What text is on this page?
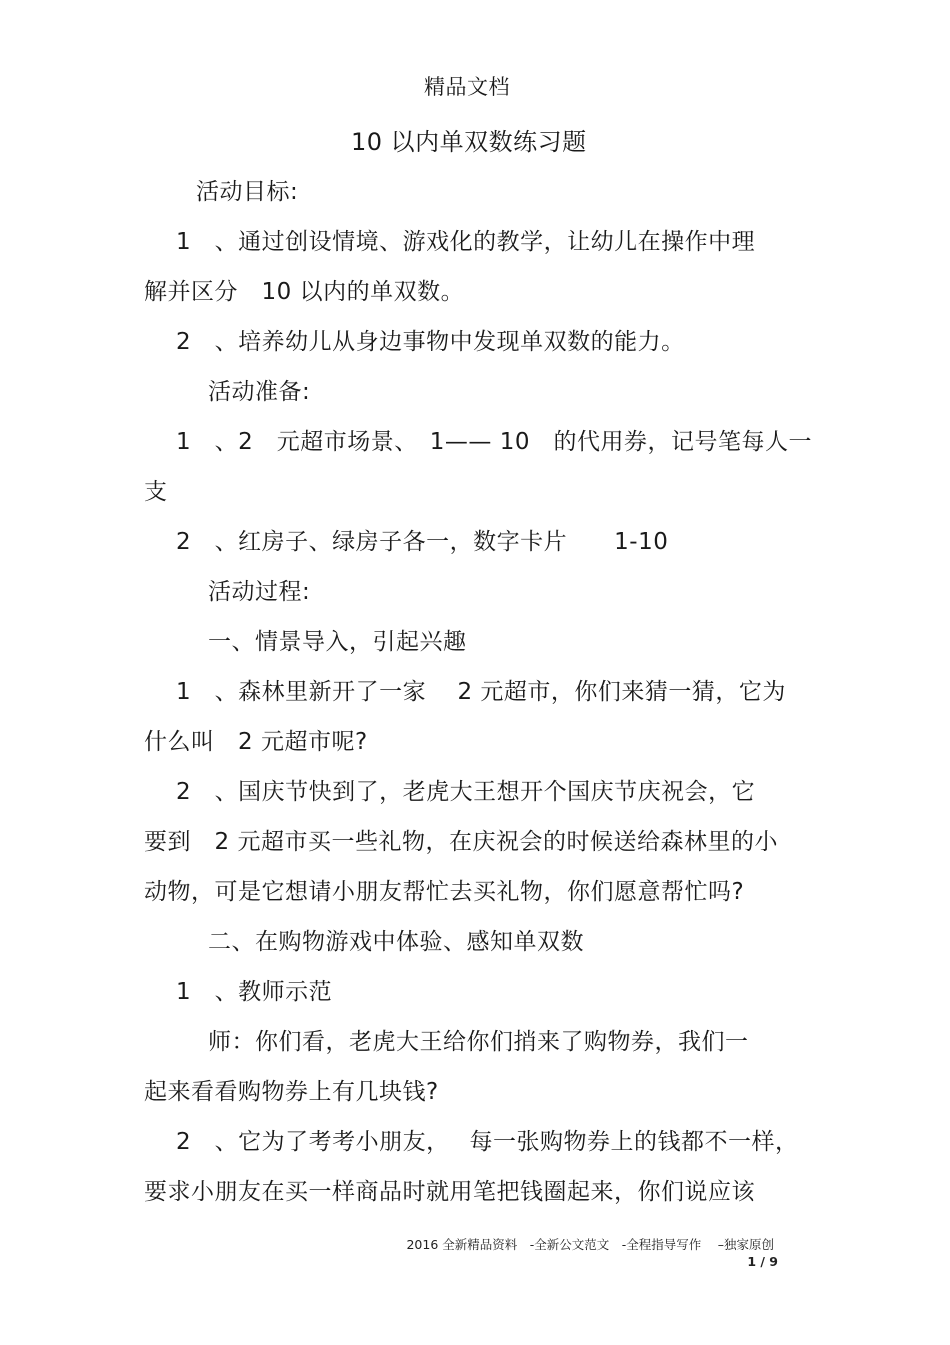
精品文档
10 以内单双数练习题
活动目标:
1　、通过创设情境、游戏化的教学，让幼儿在操作中理
解并区分　10 以内的单双数。
2　、培养幼儿从身边事物中发现单双数的能力。
活动准备:
1　、2　元超市场景、　1—— 10　的代用券，记号笔每人一
支
2　、红房子、绿房子各一，数字卡片　　1-10
活动过程:
一、情景导入，引起兴趣
1　、森林里新开了一家　 2 元超市，你们来猜一猜，它为
什么叫　2 元超市呢?
2　、国庆节快到了，老虎大王想开个国庆节庆祝会，它
要到　2 元超市买一些礼物，在庆祝会的时候送给森林里的小
动物，可是它想请小朋友帮忙去买礼物，你们愿意帮忙吗?
二、在购物游戏中体验、感知单双数
1　、教师示范
师：你们看，老虎大王给你们捎来了购物券，我们一
起来看看购物券上有几块钱?
2　、它为了考考小朋友，　 每一张购物券上的钱都不一样，
要求小朋友在买一样商品时就用笔把钱圈起来，你们说应该
2016 全新精品资料　-全新公文范文　-全程指导写作　 –独家原创
1 / 9
